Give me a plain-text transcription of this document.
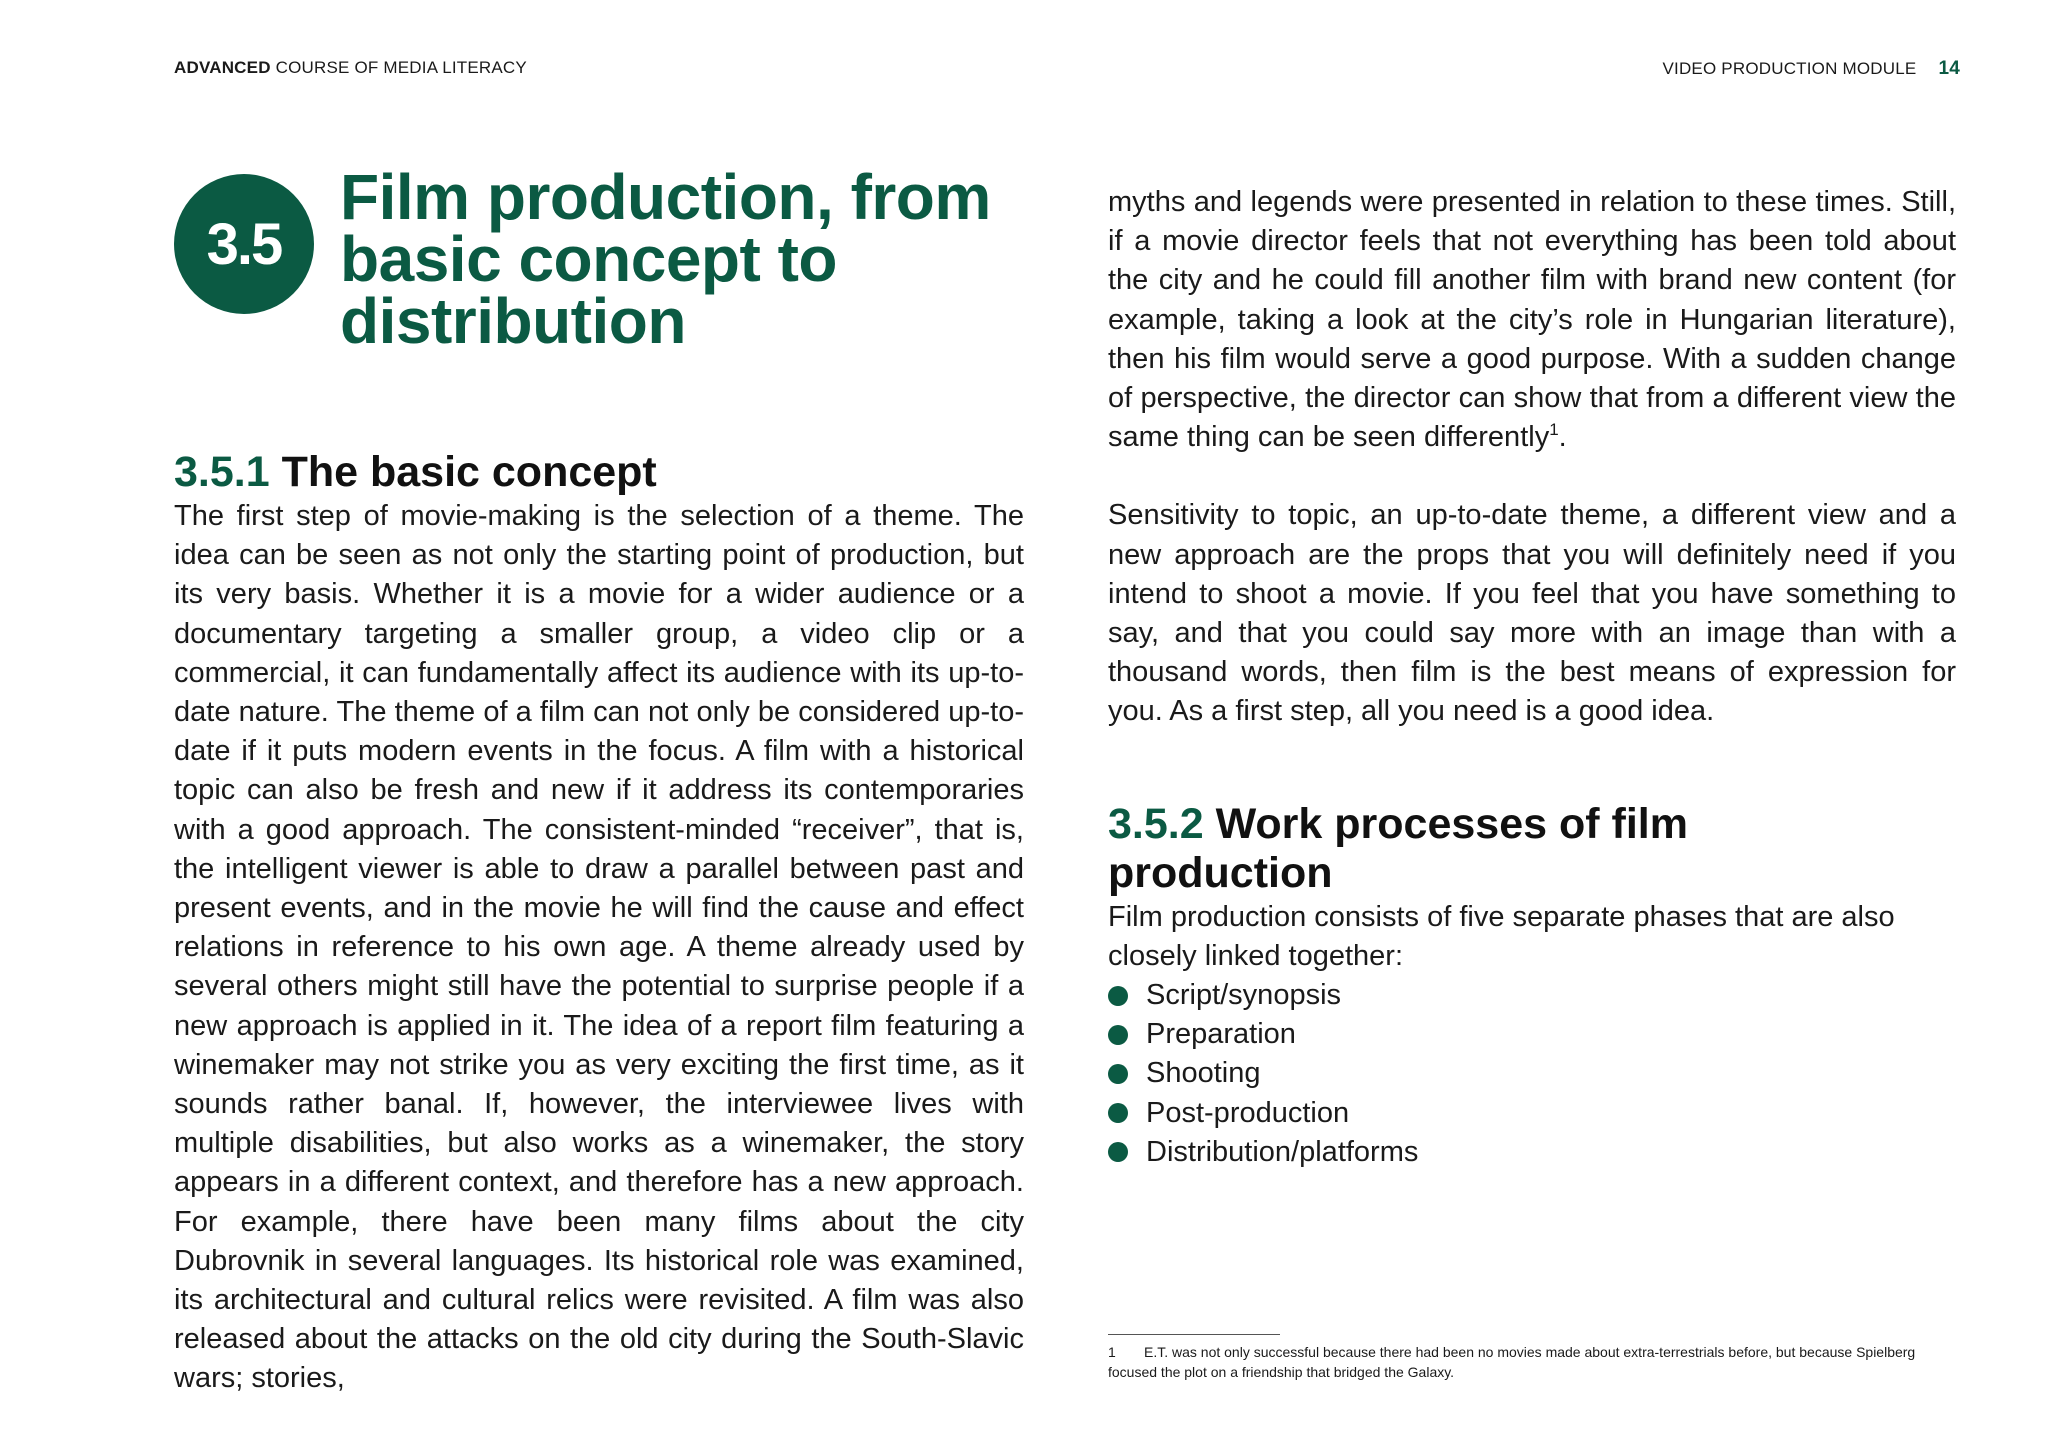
ADVANCED COURSE OF MEDIA LITERACY	VIDEO PRODUCTION MODULE 14
3.5
Film production, from basic concept to distribution
3.5.1 The basic concept

The first step of movie-making is the selection of a theme. The idea can be seen as not only the starting point of production, but its very basis. Whether it is a movie for a wider audience or a documentary targeting a smaller group, a video clip or a commercial, it can fundamentally affect its audience with its up-to-date nature. The theme of a film can not only be considered up-to-date if it puts modern events in the focus. A film with a historical topic can also be fresh and new if it address its contemporaries with a good approach. The consistent-minded “receiver”, that is, the intelligent viewer is able to draw a parallel between past and present events, and in the movie he will find the cause and effect relations in reference to his own age. A theme already used by several others might still have the potential to surprise people if a new approach is applied in it. The idea of a report film featuring a winemaker may not strike you as very exciting the first time, as it sounds rather banal. If, however, the interviewee lives with multiple disabilities, but also works as a winemaker, the story appears in a different context, and therefore has a new approach. For example, there have been many films about the city Dubrovnik in several languages. Its historical role was examined, its architectural and cultural relics were revisited. A film was also released about the attacks on the old city during the South-Slavic wars; stories,

myths and legends were presented in relation to these times. Still, if a movie director feels that not everything has been told about the city and he could fill another film with brand new content (for example, taking a look at the city’s role in Hungarian literature), then his film would serve a good purpose. With a sudden change of perspective, the director can show that from a different view the same thing can be seen differently$^1$.

Sensitivity to topic, an up-to-date theme, a different view and a new approach are the props that you will definitely need if you intend to shoot a movie. If you feel that you have something to say, and that you could say more with an image than with a thousand words, then film is the best means of expression for you. As a first step, all you need is a good idea.

3.5.2 Work processes of film
production

Film production consists of five separate phases that are also closely linked together:

Script/synopsis
Preparation
Shooting
Post-production
Distribution/platforms
1 E.T. was not only successful because there had been no movies made about extra-terrestrials before, but because Spielberg focused the plot on a friendship that bridged the Galaxy.
